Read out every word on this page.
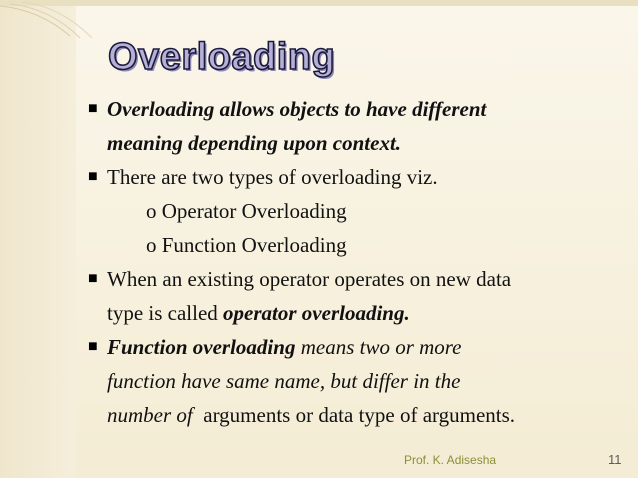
Overloading
■ Overloading allows objects to have different
meaning depending upon context.
■ There are two types of overloading viz.
o Operator Overloading
o Function Overloading
■ When an existing operator operates on new data
type is called operator overloading.
■ Function overloading means two or more
function have same name, but differ in the
number of  arguments or data type of arguments.
Prof. K. Adisesha	11
